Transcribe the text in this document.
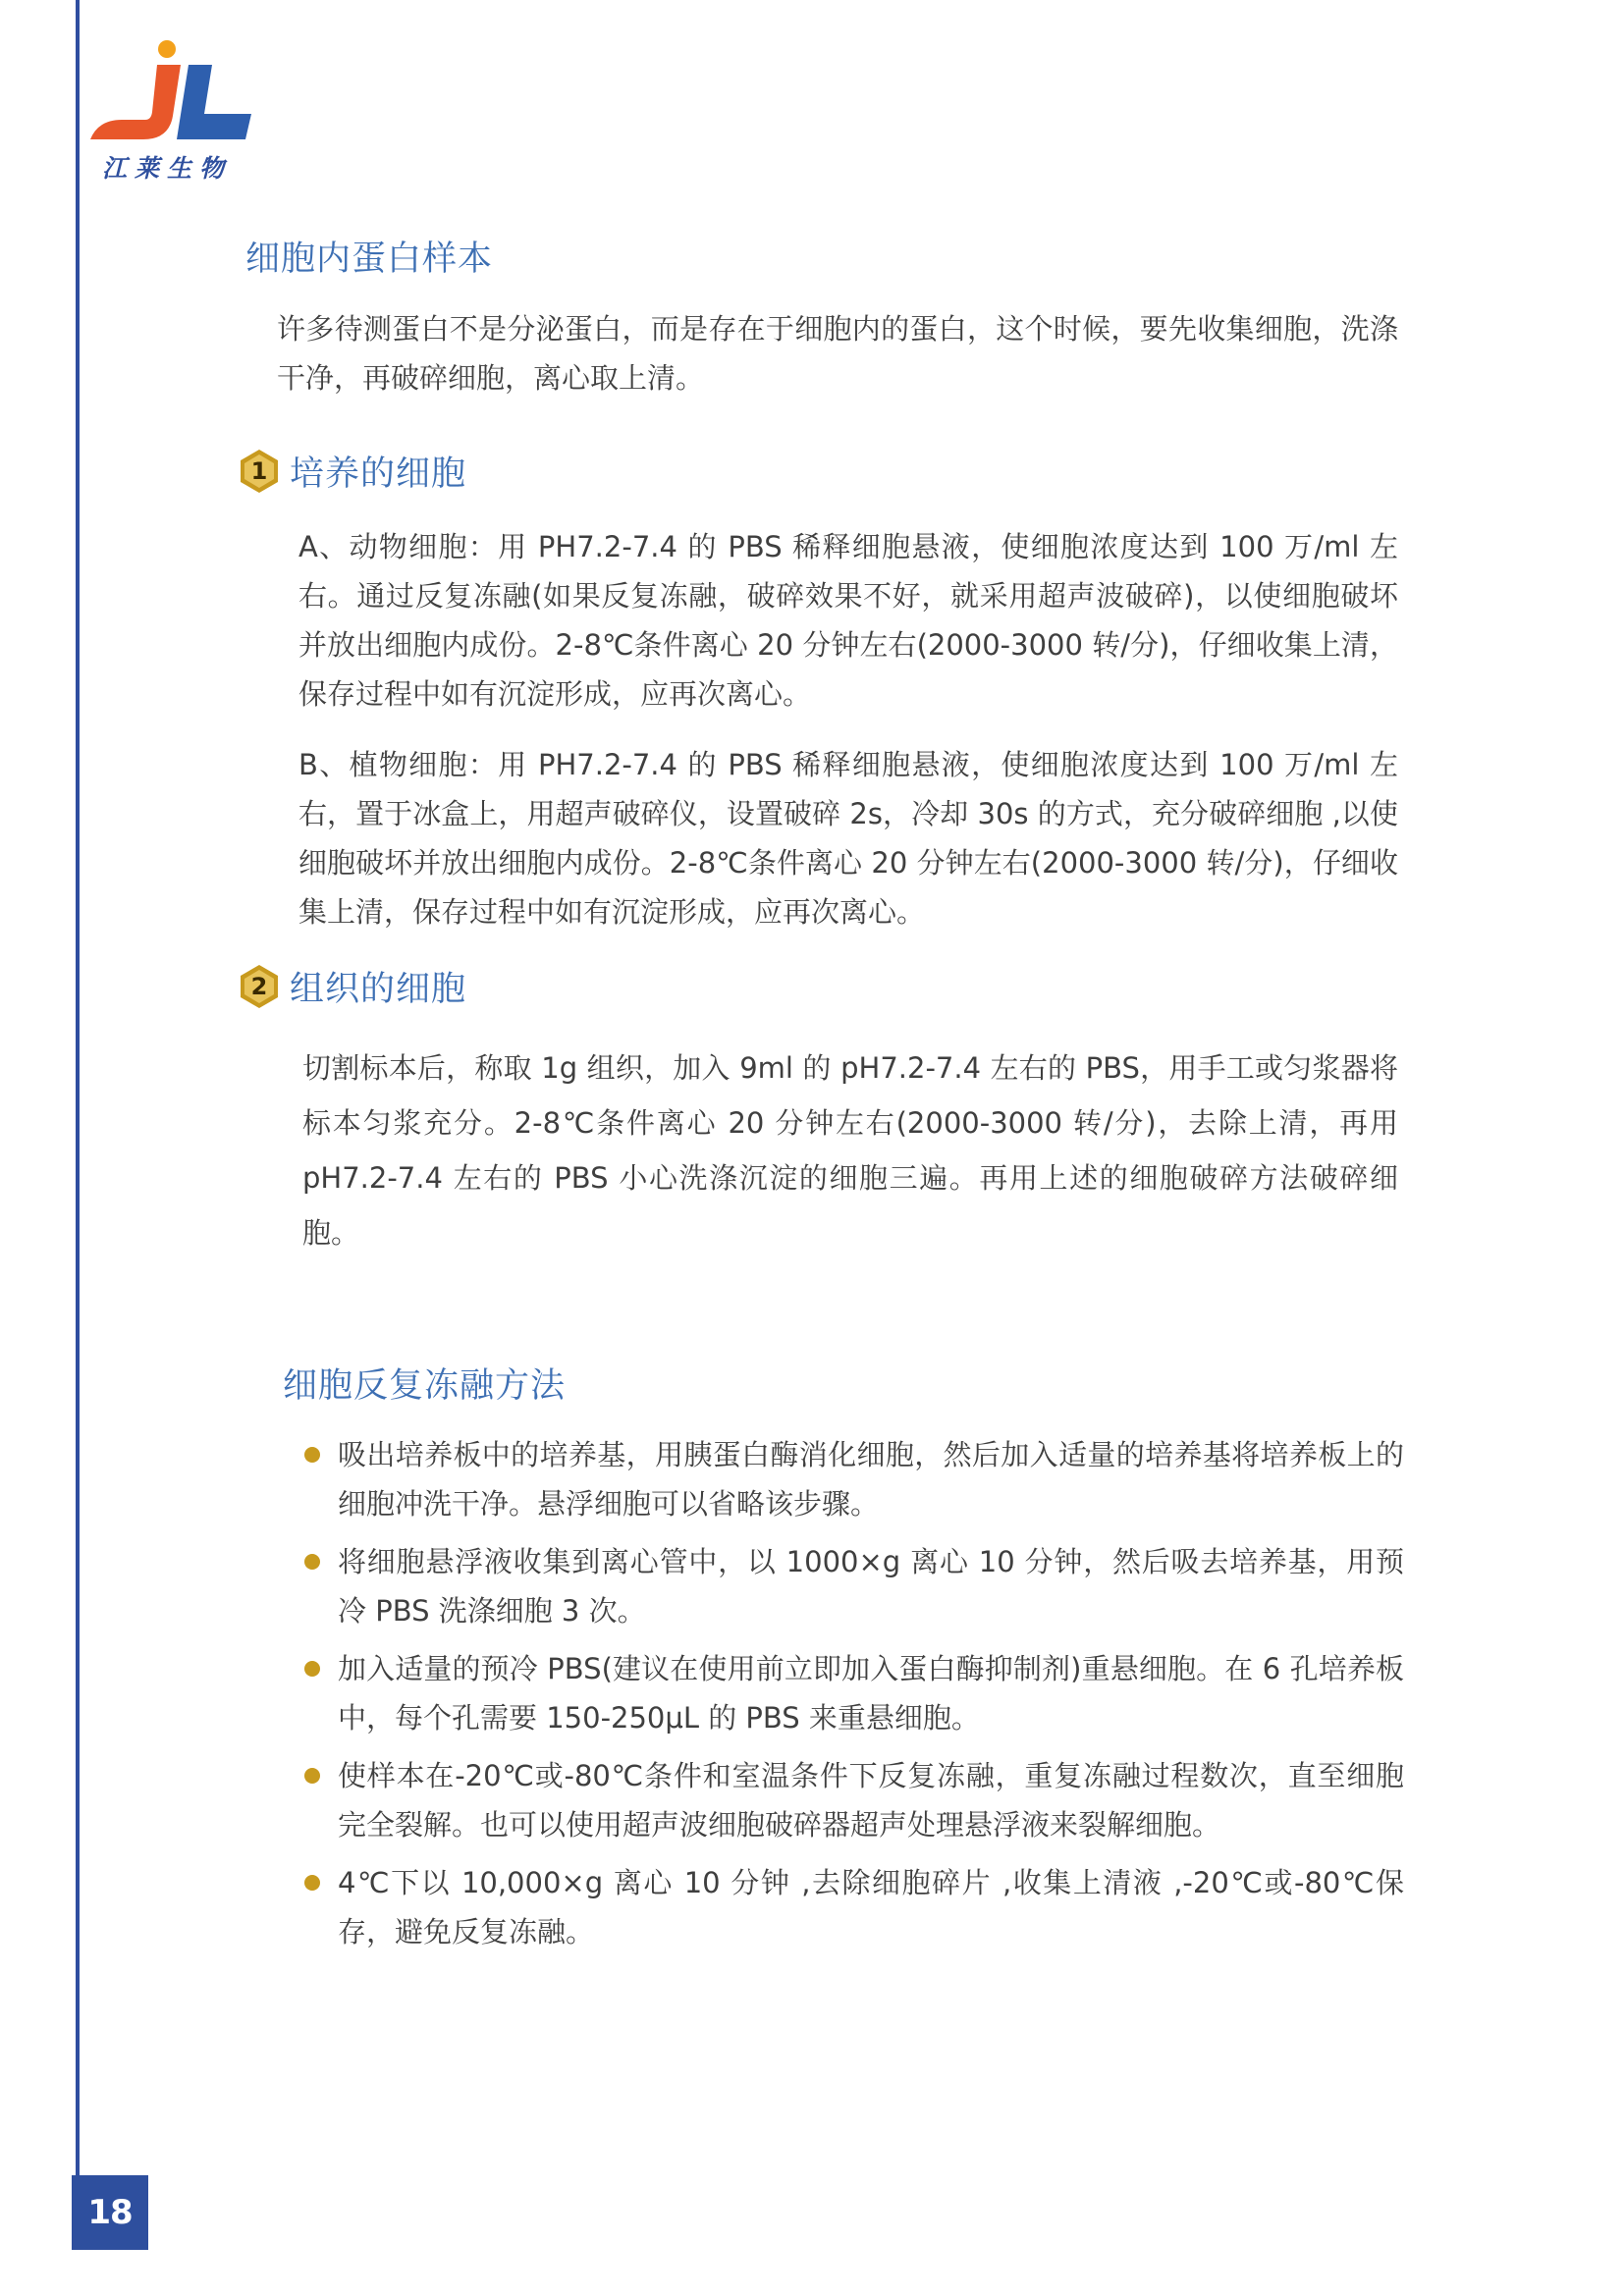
江莱生物
细胞内蛋白样本

许多待测蛋白不是分泌蛋白，而是存在于细胞内的蛋白，这个时候，要先收集细胞，洗涤干净，再破碎细胞，离心取上清。

1 培养的细胞

A、动物细胞：用 PH7.2-7.4 的 PBS 稀释细胞悬液，使细胞浓度达到 100 万/ml 左右。通过反复冻融(如果反复冻融，破碎效果不好，就采用超声波破碎)，以使细胞破坏并放出细胞内成份。2-8℃条件离心 20 分钟左右(2000-3000 转/分)，仔细收集上清，保存过程中如有沉淀形成，应再次离心。

B、植物细胞：用 PH7.2-7.4 的 PBS 稀释细胞悬液，使细胞浓度达到 100 万/ml 左右，置于冰盒上，用超声破碎仪，设置破碎 2s，冷却 30s 的方式，充分破碎细胞 ,以使细胞破坏并放出细胞内成份。2-8℃条件离心 20 分钟左右(2000-3000 转/分)，仔细收集上清，保存过程中如有沉淀形成，应再次离心。

2 组织的细胞

切割标本后，称取 1g 组织，加入 9ml 的 pH7.2-7.4 左右的 PBS，用手工或匀浆器将标本匀浆充分。2-8℃条件离心 20 分钟左右(2000-3000 转/分)，去除上清，再用 pH7.2-7.4 左右的 PBS 小心洗涤沉淀的细胞三遍。再用上述的细胞破碎方法破碎细胞。

细胞反复冻融方法
吸出培养板中的培养基，用胰蛋白酶消化细胞，然后加入适量的培养基将培养板上的细胞冲洗干净。悬浮细胞可以省略该步骤。
将细胞悬浮液收集到离心管中，以 1000×g 离心 10 分钟，然后吸去培养基，用预冷 PBS 洗涤细胞 3 次。
加入适量的预冷 PBS(建议在使用前立即加入蛋白酶抑制剂)重悬细胞。在 6 孔培养板中，每个孔需要 150-250μL 的 PBS 来重悬细胞。
使样本在-20℃或-80℃条件和室温条件下反复冻融，重复冻融过程数次，直至细胞完全裂解。也可以使用超声波细胞破碎器超声处理悬浮液来裂解细胞。
4℃下以 10,000×g 离心 10 分钟 ,去除细胞碎片 ,收集上清液 ,-20℃或-80℃保存，避免反复冻融。
18
